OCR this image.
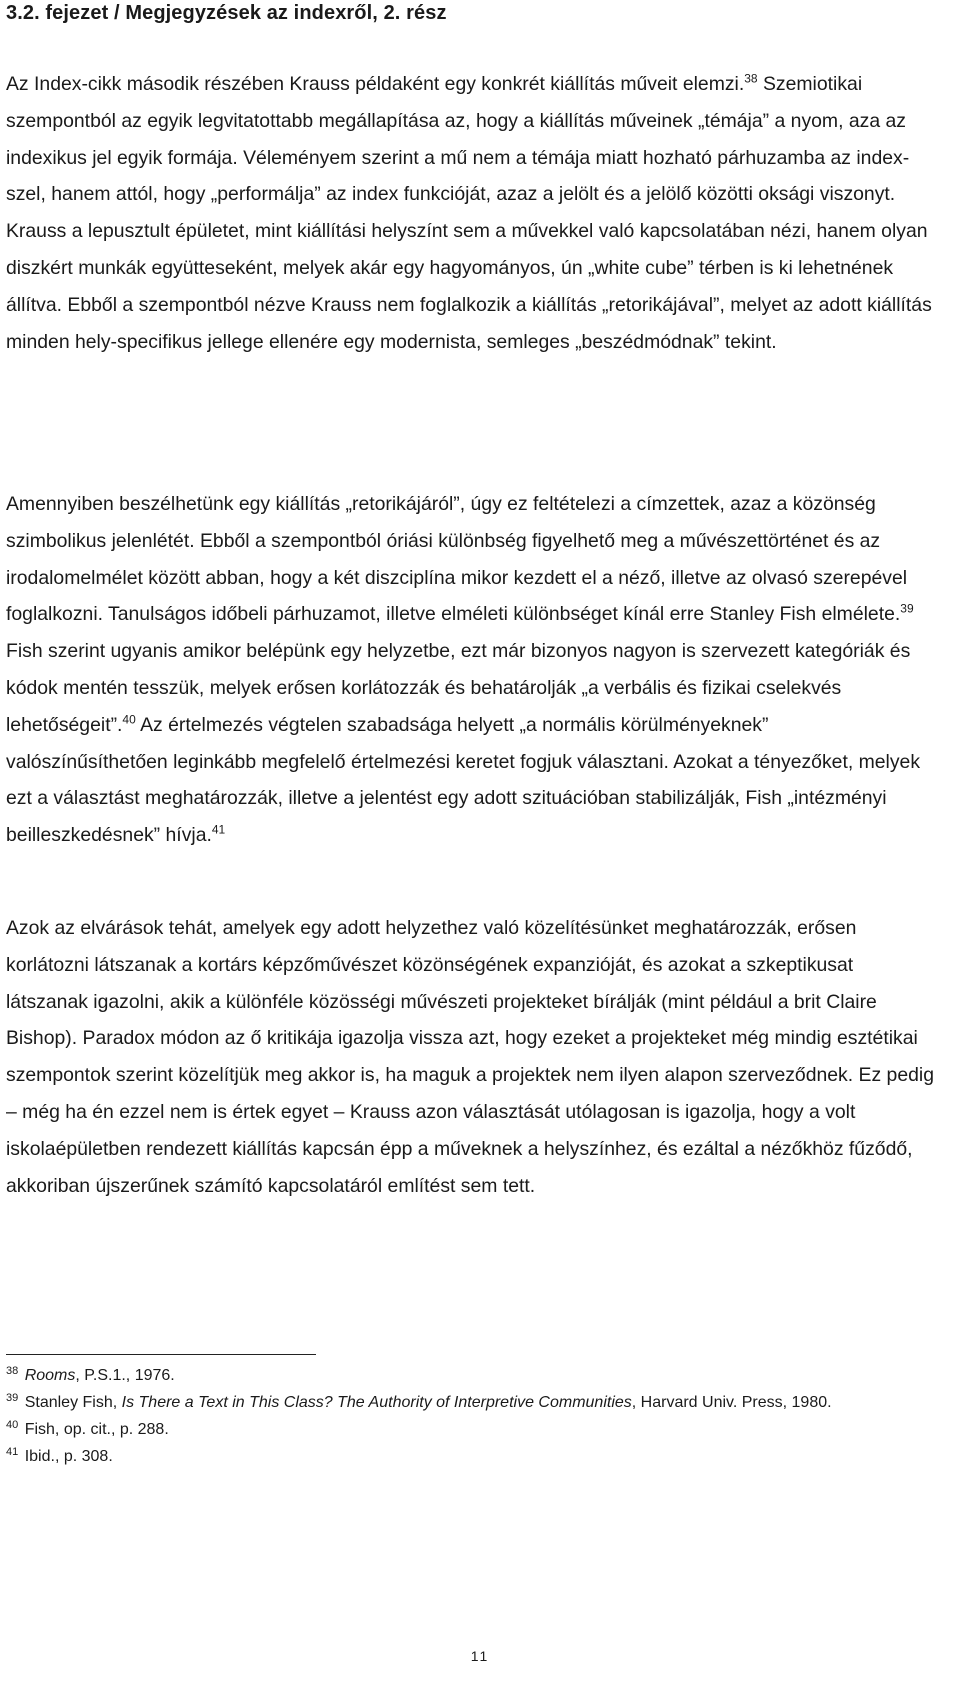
3.2. fejezet / Megjegyzések az indexről, 2. rész

Az Index-cikk második részében Krauss példaként egy konkrét kiállítás műveit elemzi.$^{38}$ Szemiotikai szempontból az egyik legvitatottabb megállapítása az, hogy a kiállítás műveinek „témája” a nyom, aza az indexikus jel egyik formája. Véleményem szerint a mű nem a témája miatt hozható párhuzamba az index-szel, hanem attól, hogy „performálja” az index funkcióját, azaz a jelölt és a jelölő közötti oksági viszonyt. Krauss a lepusztult épületet, mint kiállítási helyszínt sem a művekkel való kapcsolatában nézi, hanem olyan diszkért munkák együtteseként, melyek akár egy hagyományos, ún „white cube” térben is ki lehetnének állítva. Ebből a szempontból nézve Krauss nem foglalkozik a kiállítás „retorikájával”, melyet az adott kiállítás minden hely-specifikus jellege ellenére egy modernista, semleges „beszédmódnak” tekint.

Amennyiben beszélhetünk egy kiállítás „retorikájáról”, úgy ez feltételezi a címzettek, azaz a közönség szimbolikus jelenlétét. Ebből a szempontból óriási különbség figyelhető meg a művészettörténet és az irodalomelmélet között abban, hogy a két diszciplína mikor kezdett el a néző, illetve az olvasó szerepével foglalkozni. Tanulságos időbeli párhuzamot, illetve elméleti különbséget kínál erre Stanley Fish elmélete.$^{39}$ Fish szerint ugyanis amikor belépünk egy helyzetbe, ezt már bizonyos nagyon is szervezett kategóriák és kódok mentén tesszük, melyek erősen korlátozzák és behatárolják „a verbális és fizikai cselekvés lehetőségeit”.$^{40}$ Az értelmezés végtelen szabadsága helyett „a normális körülményeknek” valószínűsíthetően leginkább megfelelő értelmezési keretet fogjuk választani. Azokat a tényezőket, melyek ezt a választást meghatározzák, illetve a jelentést egy adott szituációban stabilizálják, Fish „intézményi beilleszkedésnek” hívja.$^{41}$

Azok az elvárások tehát, amelyek egy adott helyzethez való közelítésünket meghatározzák, erősen korlátozni látszanak a kortárs képzőművészet közönségének expanzióját, és azokat a szkeptikusat látszanak igazolni, akik a különféle közösségi művészeti projekteket bírálják (mint például a brit Claire Bishop). Paradox módon az ő kritikája igazolja vissza azt, hogy ezeket a projekteket még mindig esztétikai szempontok szerint közelítjük meg akkor is, ha maguk a projektek nem ilyen alapon szerveződnek. Ez pedig – még ha én ezzel nem is értek egyet – Krauss azon választását utólagosan is igazolja, hogy a volt iskolaépületben rendezett kiállítás kapcsán épp a műveknek a helyszínhez, és ezáltal a nézőkhöz fűződő, akkoriban újszerűnek számító kapcsolatáról említést sem tett.

$^{38}$ Rooms, P.S.1., 1976.

$^{39}$ Stanley Fish, Is There a Text in This Class? The Authority of Interpretive Communities, Harvard Univ. Press, 1980.

$^{40}$ Fish, op. cit., p. 288.

$^{41}$ Ibid., p. 308.

11
